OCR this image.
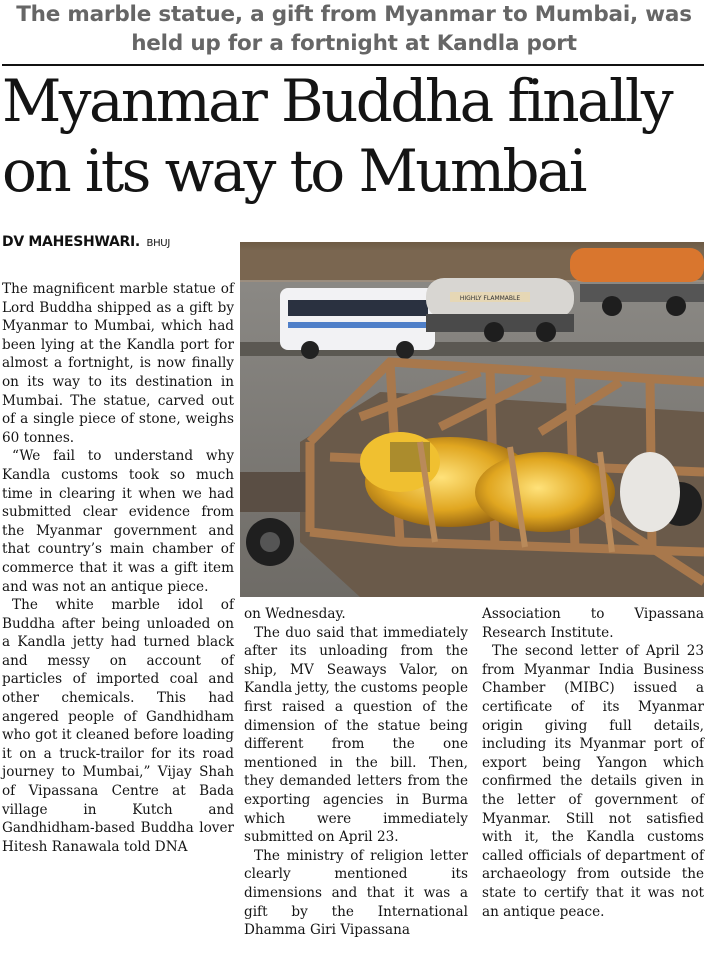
The marble statue, a gift from Myanmar to Mumbai, was
held up for a fortnight at Kandla port
Myanmar Buddha finally
on its way to Mumbai
DV MAHESHWARI. BHUJ

The magnificent marble statue of Lord Buddha shipped as a gift by Myanmar to Mumbai, which had been lying at the Kandla port for almost a fortnight, is now finally on its way to its destination in Mumbai. The statue, carved out of a single piece of stone, weighs 60 tonnes.

“We fail to understand why Kandla customs took so much time in clearing it when we had submitted clear evidence from the Myanmar government and that country’s main chamber of commerce that it was a gift item and was not an antique piece.

The white marble idol of Buddha after being unloaded on a Kandla jetty had turned black and messy on account of particles of imported coal and other chemicals. This had angered people of Gandhidham who got it cleaned before loading it on a truck-trailor for its road journey to Mumbai,” Vijay Shah of Vipassana Centre at Bada village in Kutch and Gandhidham-based Buddha lover Hitesh Ranawala told DNA

HIGHLY FLAMMABLE

on Wednesday.

The duo said that immediately after its unloading from the ship, MV Seaways Valor, on Kandla jetty, the customs people first raised a question of the dimension of the statue being different from the one mentioned in the bill. Then, they demanded letters from the exporting agencies in Burma which were immediately submitted on April 23.

The ministry of religion letter clearly mentioned its dimensions and that it was a gift by the International Dhamma Giri Vipassana

Association to Vipassana Research Institute.

The second letter of April 23 from Myanmar India Business Chamber (MIBC) issued a certificate of its Myanmar origin giving full details, including its Myanmar port of export being Yangon which confirmed the details given in the letter of government of Myanmar. Still not satisfied with it, the Kandla customs called officials of department of archaeology from outside the state to certify that it was not an antique peace.
